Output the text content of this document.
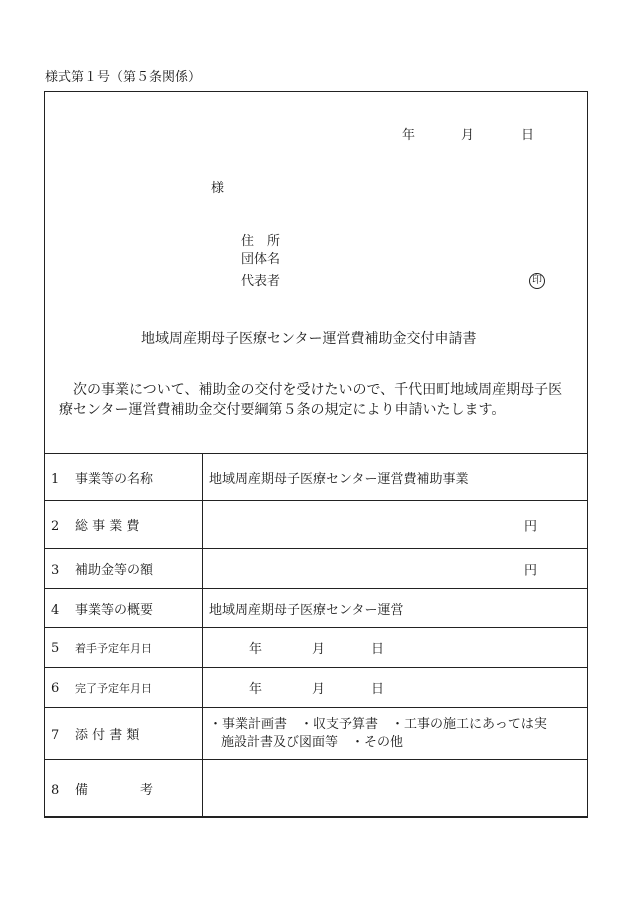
様式第１号（第５条関係）
年	月	日
様
住　所
団体名
代表者	印
地域周産期母子医療センター運営費補助金交付申請書
次の事業について、補助金の交付を受けたいので、千代田町地域周産期母子医療センター運営費補助金交付要綱第５条の規定により申請いたします。
1 事業等の名称	地域周産期母子医療センター運営費補助事業
2 総 事 業 費	円

3 補助金等の額	円

4 事業等の概要	地域周産期母子医療センター運営
5 着手予定年月日	年 月 日
6 完了予定年月日	年 月 日
7 添 付 書 類	・事業計画書　・収支予算書　・工事の施工にあっては実
施設計書及び図面等　・その他

8 備　　　　考	
